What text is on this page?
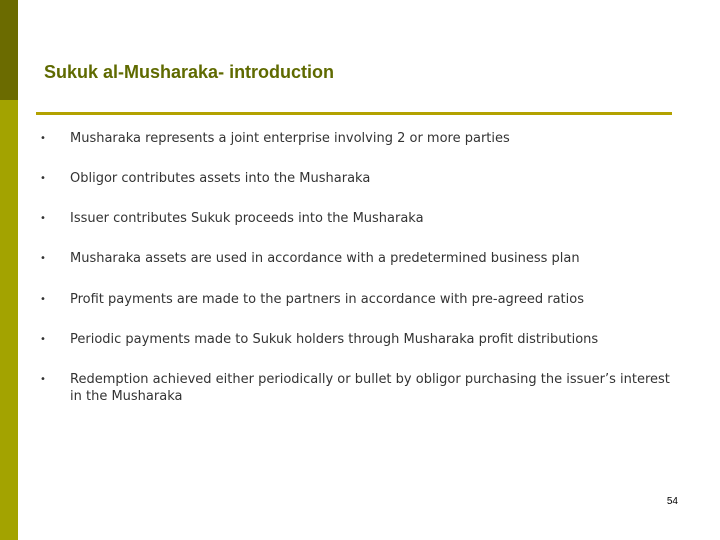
Sukuk al-Musharaka- introduction
• Musharaka represents a joint enterprise involving 2 or more parties
• Obligor contributes assets into the Musharaka
• Issuer contributes Sukuk proceeds into the Musharaka
• Musharaka assets are used in accordance with a predetermined business plan
• Profit payments are made to the partners in accordance with pre-agreed ratios
• Periodic payments made to Sukuk holders through Musharaka profit distributions
• Redemption achieved either periodically or bullet by obligor purchasing the issuer’s interest in the Musharaka
54
